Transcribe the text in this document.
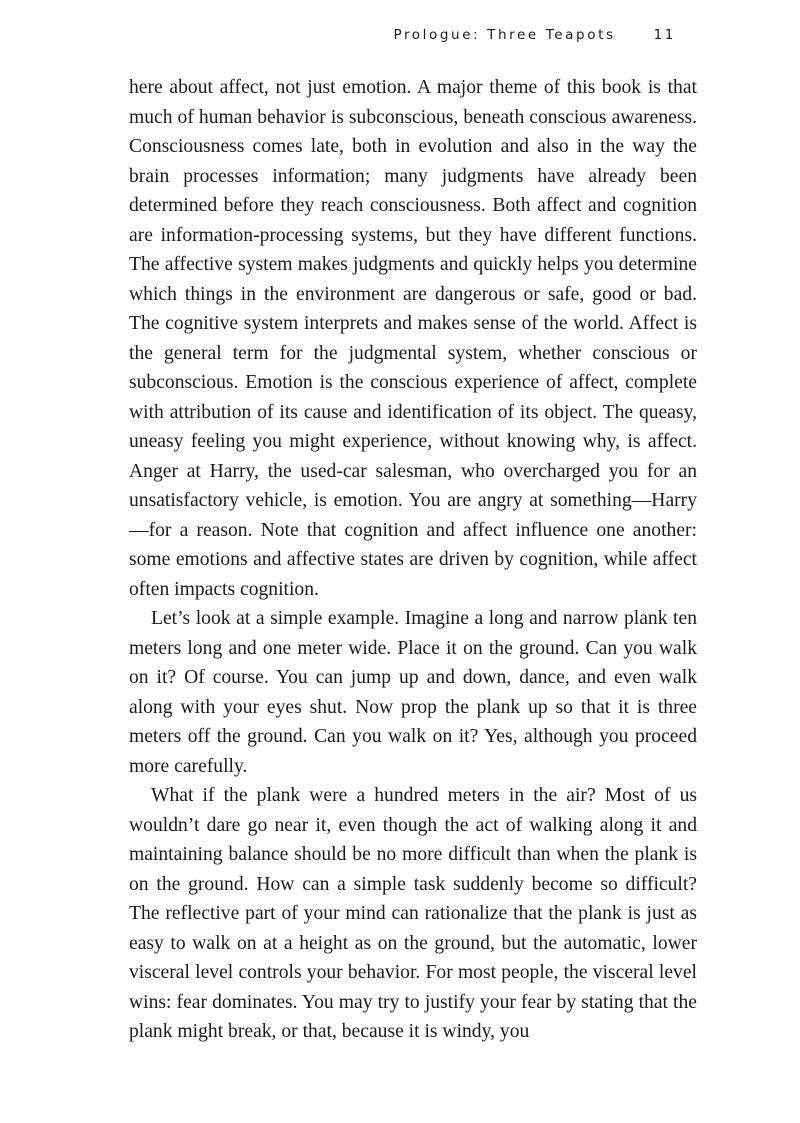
Prologue: Three Teapots	11

here about affect, not just emotion. A major theme of this book is that much of human behavior is subconscious, beneath conscious awareness. Consciousness comes late, both in evolution and also in the way the brain processes information; many judgments have already been determined before they reach consciousness. Both affect and cognition are information-processing systems, but they have different functions. The affective system makes judgments and quickly helps you determine which things in the environment are dangerous or safe, good or bad. The cognitive system interprets and makes sense of the world. Affect is the general term for the judgmental system, whether conscious or subconscious. Emotion is the conscious experience of affect, complete with attribution of its cause and identification of its object. The queasy, uneasy feeling you might experience, without knowing why, is affect. Anger at Harry, the used-car salesman, who overcharged you for an unsatisfactory vehicle, is emotion. You are angry at something—Harry—for a reason. Note that cognition and affect influence one another: some emotions and affective states are driven by cognition, while affect often impacts cognition.

Let’s look at a simple example. Imagine a long and narrow plank ten meters long and one meter wide. Place it on the ground. Can you walk on it? Of course. You can jump up and down, dance, and even walk along with your eyes shut. Now prop the plank up so that it is three meters off the ground. Can you walk on it? Yes, although you proceed more carefully.

What if the plank were a hundred meters in the air? Most of us wouldn’t dare go near it, even though the act of walking along it and maintaining balance should be no more difficult than when the plank is on the ground. How can a simple task suddenly become so difficult? The reflective part of your mind can rationalize that the plank is just as easy to walk on at a height as on the ground, but the automatic, lower visceral level controls your behavior. For most people, the visceral level wins: fear dominates. You may try to justify your fear by stating that the plank might break, or that, because it is windy, you
